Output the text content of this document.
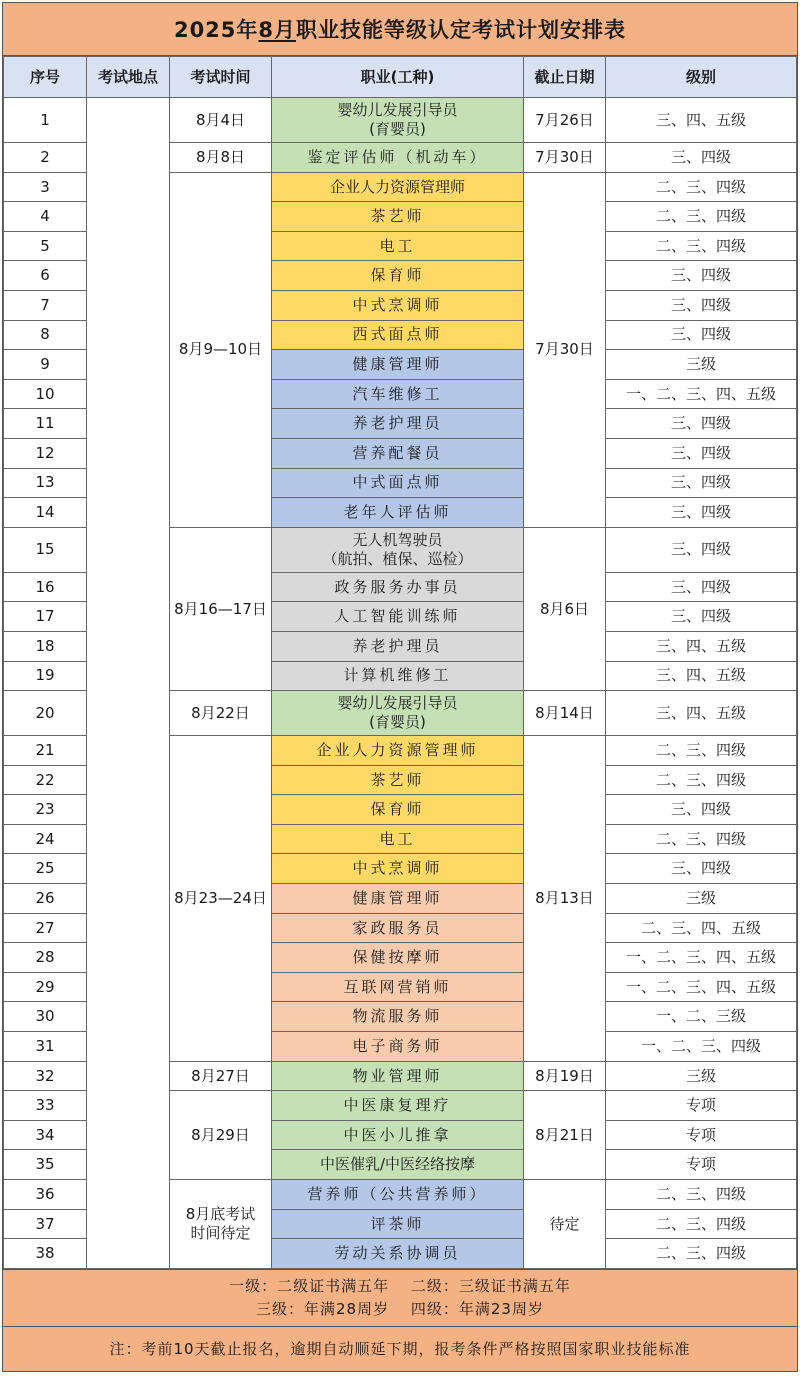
2025年 8月 职业技能等级认定考试计划安排表
序号	考试地点	考试时间	职业(工种)	截止日期	级别
1		8月4日	婴幼儿发展引导员
(育婴员)	7月26日	三、四、五级
2		8月8日	鉴定评估师（机动车）	7月30日	三、四级
3		8月9—10日	企业人力资源管理师	7月30日	二、三、四级
4			茶艺师		二、三、四级
5			电工		二、三、四级
6			保育师		三、四级
7			中式烹调师		三、四级
8			西式面点师		三、四级
9			健康管理师		三级
10			汽车维修工		一、二、三、四、五级
11			养老护理员		三、四级
12			营养配餐员		三、四级
13			中式面点师		三、四级
14			老年人评估师		三、四级
15		8月16—17日	无人机驾驶员
（航拍、植保、巡检）	8月6日	三、四级
16			政务服务办事员		三、四级
17			人工智能训练师		三、四级
18			养老护理员		三、四、五级
19			计算机维修工		三、四、五级
20		8月22日	婴幼儿发展引导员
(育婴员)	8月14日	三、四、五级
21		8月23—24日	企业人力资源管理师	8月13日	二、三、四级
22			茶艺师		二、三、四级
23			保育师		三、四级
24			电工		二、三、四级
25			中式烹调师		三、四级
26			健康管理师		三级
27			家政服务员		二、三、四、五级
28			保健按摩师		一、二、三、四、五级
29			互联网营销师		一、二、三、四、五级
30			物流服务师		一、二、三级
31			电子商务师		一、二、三、四级
32		8月27日	物业管理师	8月19日	三级
33		8月29日	中医康复理疗	8月21日	专项
34			中医小儿推拿		专项
35			中医催乳/中医经络按摩		专项
36		8月底考试
时间待定	营养师（公共营养师）	待定	二、三、四级
37			评茶师		二、三、四级
38			劳动关系协调员		二、三、四级
一级：二级证书满五年　 二级：三级证书满五年
三级：年满28周岁　 四级：年满23周岁
注：考前10天截止报名，逾期自动顺延下期，报考条件严格按照国家职业技能标准
